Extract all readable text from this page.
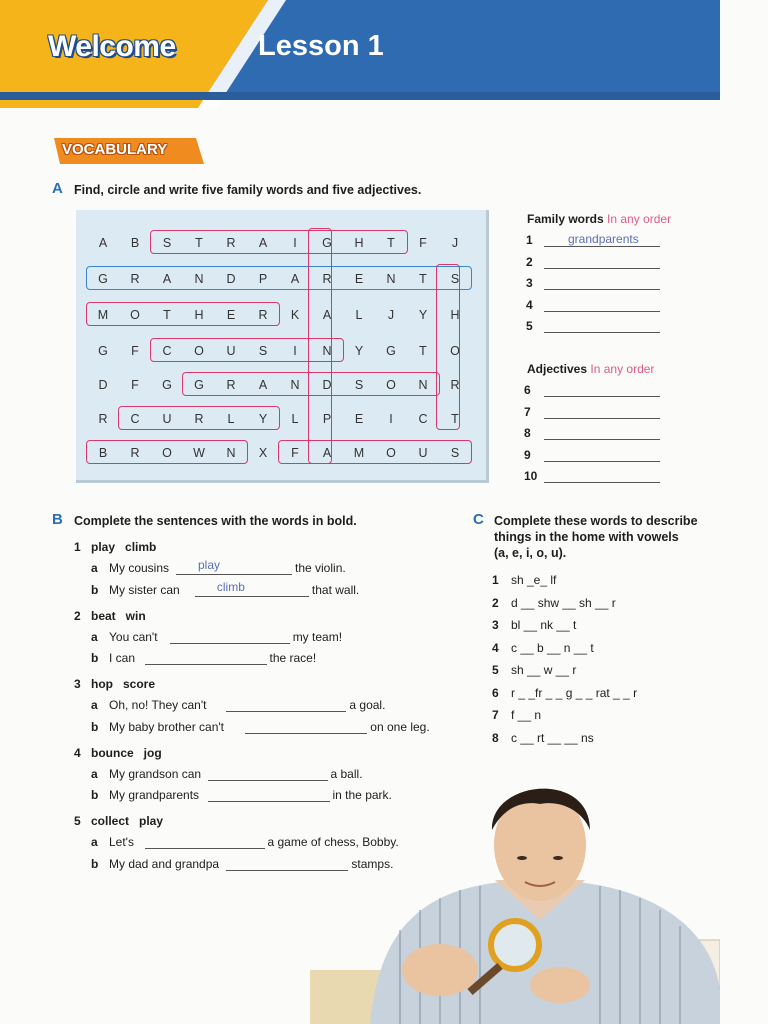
Welcome	Lesson 1
VOCABULARY
A Find, circle and write five family words and five adjectives.
A	B	S	T	R	A	I	G	H	T	F	J
G	R	A	N	D	P	A	R	E	N	T	S
M	O	T	H	E	R	K	A	L	J	Y	H
G	F	C	O	U	S	I	N	Y	G	T	O
D	F	G	G	R	A	N	D	S	O	N	R
R	C	U	R	L	Y	L	P	E	I	C	T
B	R	O	W	N	X	F	A	M	O	U	S
Family words In any order
1	grandparents
2
3
4
5
Adjectives In any order
6
7
8
9
10
B Complete the sentences with the words in bold.
1 play   climb
a My cousins play	the violin.
b My sister can	climb	that wall.
2 beat   win
a You can't	my team!
b I can	the race!
3 hop   score
a Oh, no! They can't	a goal.
b My baby brother can't	on one leg.
4 bounce   jog
a My grandson can	a ball.
b My grandparents	in the park.
5 collect   play
a Let's	a game of chess, Bobby.
b My dad and grandpa	stamps.
C Complete these words to describe
things in the home with vowels
(a, e, i, o, u).
1 sh _e_ lf
2 d __ shw __ sh __ r
3 bl __ nk __ t
4 c __ b __ n __ t
5 sh __ w __ r
6 r _ _fr _ _ g _ _ rat _ _ r
7 f __ n
8 c __ rt __ __ ns
